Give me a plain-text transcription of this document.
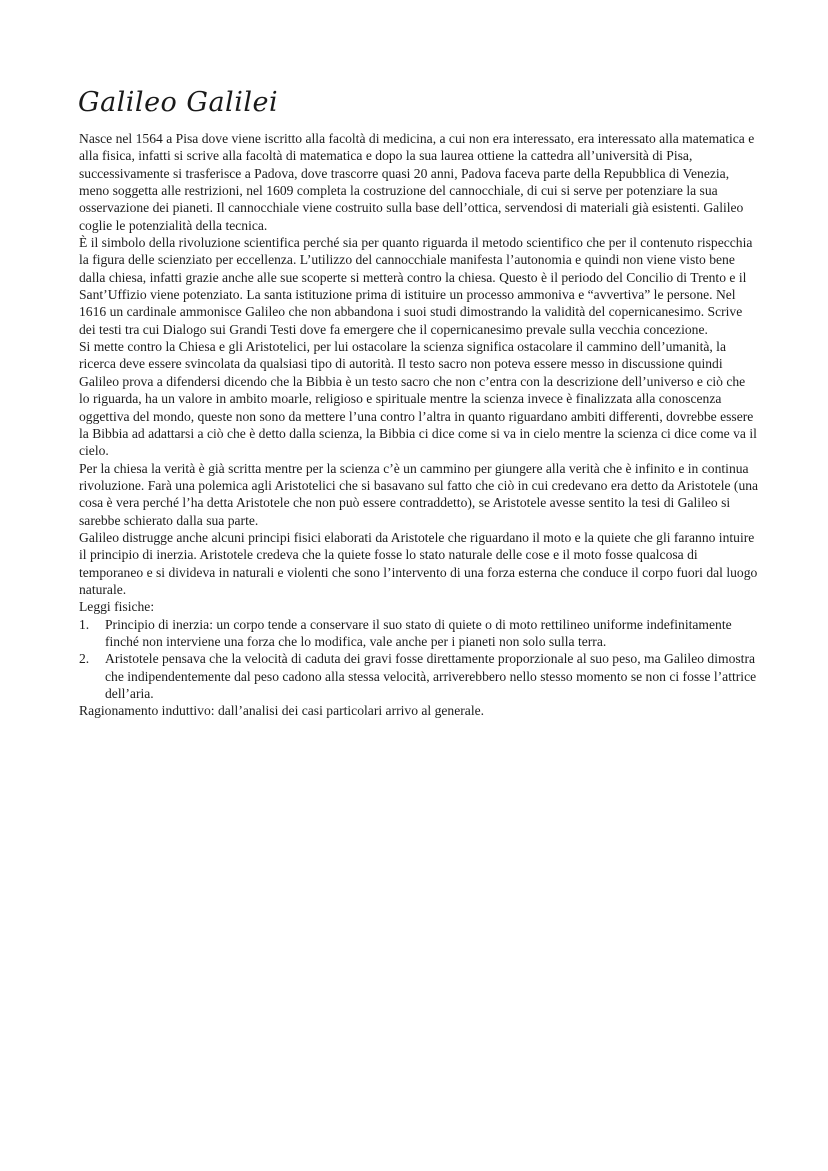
Galileo Galilei

Nasce nel 1564 a Pisa dove viene iscritto alla facoltà di medicina, a cui non era interessato, era interessato alla matematica e alla fisica, infatti si scrive alla facoltà di matematica e dopo la sua laurea ottiene la cattedra all’università di Pisa, successivamente si trasferisce a Padova, dove trascorre quasi 20 anni, Padova faceva parte della Repubblica di Venezia, meno soggetta alle restrizioni, nel 1609 completa la costruzione del cannocchiale, di cui si serve per potenziare la sua osservazione dei pianeti. Il cannocchiale viene costruito sulla base dell’ottica, servendosi di materiali già esistenti. Galileo coglie le potenzialità della tecnica.

È il simbolo della rivoluzione scientifica perché sia per quanto riguarda il metodo scientifico che per il contenuto rispecchia la figura delle scienziato per eccellenza. L’utilizzo del cannocchiale manifesta l’autonomia e quindi non viene visto bene dalla chiesa, infatti grazie anche alle sue scoperte si metterà contro la chiesa. Questo è il periodo del Concilio di Trento e il Sant’Uffizio viene potenziato. La santa istituzione prima di istituire un processo ammoniva e “avvertiva” le persone. Nel 1616 un cardinale ammonisce Galileo che non abbandona i suoi studi dimostrando la validità del copernicanesimo. Scrive dei testi tra cui Dialogo sui Grandi Testi dove fa emergere che il copernicanesimo prevale sulla vecchia concezione.

Si mette contro la Chiesa e gli Aristotelici, per lui ostacolare la scienza significa ostacolare il cammino dell’umanità, la ricerca deve essere svincolata da qualsiasi tipo di autorità. Il testo sacro non poteva essere messo in discussione quindi Galileo prova a difendersi dicendo che la Bibbia è un testo sacro che non c’entra con la descrizione dell’universo e ciò che lo riguarda, ha un valore in ambito moarle, religioso e spirituale mentre la scienza invece è finalizzata alla conoscenza oggettiva del mondo, queste non sono da mettere l’una contro l’altra in quanto riguardano ambiti differenti, dovrebbe essere la Bibbia ad adattarsi a ciò che è detto dalla scienza, la Bibbia ci dice come si va in cielo mentre la scienza ci dice come va il cielo.

Per la chiesa la verità è già scritta mentre per la scienza c’è un cammino per giungere alla verità che è infinito e in continua rivoluzione. Farà una polemica agli Aristotelici che si basavano sul fatto che ciò in cui credevano era detto da Aristotele (una cosa è vera perché l’ha detta Aristotele che non può essere contraddetto), se Aristotele avesse sentito la tesi di Galileo si sarebbe schierato dalla sua parte.

Galileo distrugge anche alcuni principi fisici elaborati da Aristotele che riguardano il moto e la quiete che gli faranno intuire il principio di inerzia. Aristotele credeva che la quiete fosse lo stato naturale delle cose e il moto fosse qualcosa di temporaneo e si divideva in naturali e violenti che sono l’intervento di una forza esterna che conduce il corpo fuori dal luogo naturale.

Leggi fisiche:

1. Principio di inerzia: un corpo tende a conservare il suo stato di quiete o di moto rettilineo uniforme indefinitamente finché non interviene una forza che lo modifica, vale anche per i pianeti non solo sulla terra.
2. Aristotele pensava che la velocità di caduta dei gravi fosse direttamente proporzionale al suo peso, ma Galileo dimostra che indipendentemente dal peso cadono alla stessa velocità, arriverebbero nello stesso momento se non ci fosse l’attrice dell’aria.

Ragionamento induttivo: dall’analisi dei casi particolari arrivo al generale.
